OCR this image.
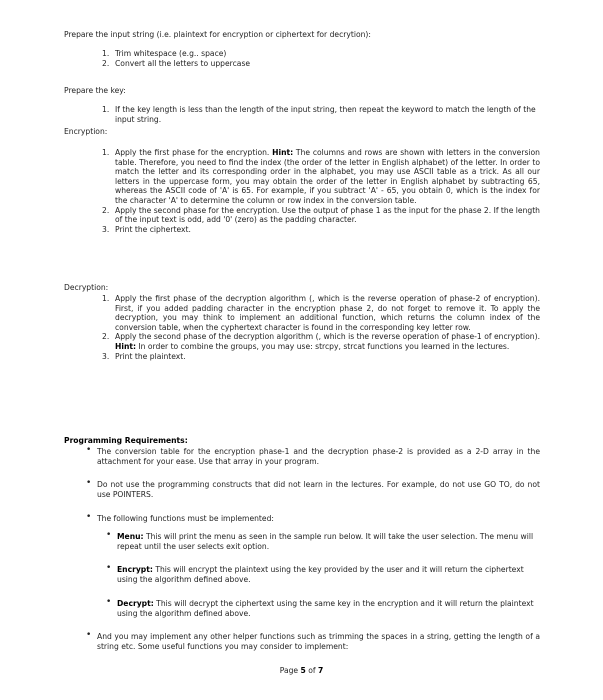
Prepare the input string (i.e. plaintext for encryption or ciphertext for decrytion):
1. Trim whitespace (e.g.. space)
2. Convert all the letters to uppercase
Prepare the key:
1. If the key length is less than the length of the input string, then repeat the keyword to match the length of the input string.
Encryption:
1. Apply the first phase for the encryption. Hint: The columns and rows are shown with letters in the conversion table. Therefore, you need to find the index (the order of the letter in English alphabet) of the letter. In order to match the letter and its corresponding order in the alphabet, you may use ASCII table as a trick. As all our letters in the uppercase form, you may obtain the order of the letter in English alphabet by subtracting 65, whereas the ASCII code of 'A' is 65. For example, if you subtract 'A' - 65, you obtain 0, which is the index for the character 'A' to determine the column or row index in the conversion table.
2. Apply the second phase for the encryption. Use the output of phase 1 as the input for the phase 2. If the length of the input text is odd, add '0' (zero) as the padding character.
3. Print the ciphertext.
Decryption:
1. Apply the first phase of the decryption algorithm (, which is the reverse operation of phase-2 of encryption). First, if you added padding character in the encryption phase 2, do not forget to remove it. To apply the decryption, you may think to implement an additional function, which returns the column index of the conversion table, when the cyphertext character is found in the corresponding key letter row.
2. Apply the second phase of the decryption algorithm (, which is the reverse operation of phase-1 of encryption). Hint: In order to combine the groups, you may use: strcpy, strcat functions you learned in the lectures.
3. Print the plaintext.
Programming Requirements:
• The conversion table for the encryption phase-1 and the decryption phase-2 is provided as a 2-D array in the attachment for your ease. Use that array in your program.
• Do not use the programming constructs that did not learn in the lectures. For example, do not use GO TO, do not use POINTERS.
• The following functions must be implemented:
• Menu: This will print the menu as seen in the sample run below. It will take the user selection. The menu will repeat until the user selects exit option.
• Encrypt: This will encrypt the plaintext using the key provided by the user and it will return the ciphertext using the algorithm defined above.
• Decrypt: This will decrypt the ciphertext using the same key in the encryption and it will return the plaintext using the algorithm defined above.
• And you may implement any other helper functions such as trimming the spaces in a string, getting the length of a string etc. Some useful functions you may consider to implement:
Page 5 of 7
